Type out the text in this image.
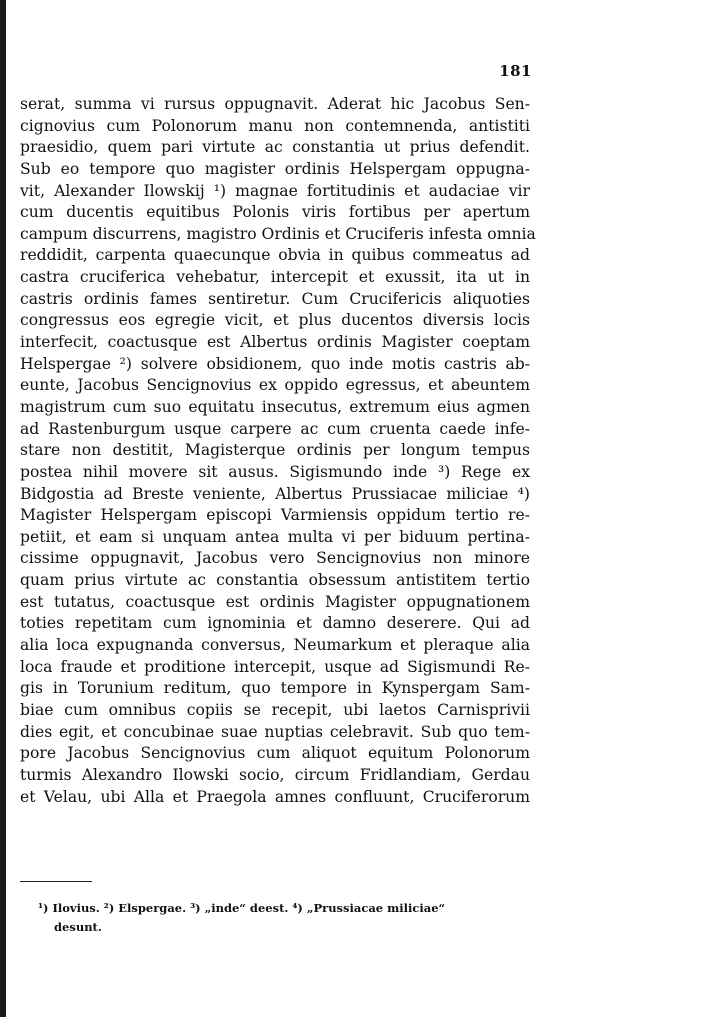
181
serat, summa vi rursus oppugnavit. Aderat hic Jacobus Sen-
cignovius cum Polonorum manu non contemnenda, antistiti
praesidio, quem pari virtute ac constantia ut prius defendit.
Sub eo tempore quo magister ordinis Helspergam oppugna-
vit, Alexander Ilowskij ¹) magnae fortitudinis et audaciae vir
cum ducentis equitibus Polonis viris fortibus per apertum
campum discurrens, magistro Ordinis et Cruciferis infesta omnia
reddidit, carpenta quaecunque obvia in quibus commeatus ad
castra cruciferica vehebatur, intercepit et exussit, ita ut in
castris ordinis fames sentiretur. Cum Crucifericis aliquoties
congressus eos egregie vicit, et plus ducentos diversis locis
interfecit, coactusque est Albertus ordinis Magister coeptam
Helspergae ²) solvere obsidionem, quo inde motis castris ab-
eunte, Jacobus Sencignovius ex oppido egressus, et abeuntem
magistrum cum suo equitatu insecutus, extremum eius agmen
ad Rastenburgum usque carpere ac cum cruenta caede infe-
stare non destitit, Magisterque ordinis per longum tempus
postea nihil movere sit ausus. Sigismundo inde ³) Rege ex
Bidgostia ad Breste veniente, Albertus Prussiacae miliciae ⁴)
Magister Helspergam episcopi Varmiensis oppidum tertio re-
petiit, et eam si unquam antea multa vi per biduum pertina-
cissime oppugnavit, Jacobus vero Sencignovius non minore
quam prius virtute ac constantia obsessum antistitem tertio
est tutatus, coactusque est ordinis Magister oppugnationem
toties repetitam cum ignominia et damno deserere. Qui ad
alia loca expugnanda conversus, Neumarkum et pleraque alia
loca fraude et proditione intercepit, usque ad Sigismundi Re-
gis in Torunium reditum, quo tempore in Kynspergam Sam-
biae cum omnibus copiis se recepit, ubi laetos Carnisprivii
dies egit, et concubinae suae nuptias celebravit. Sub quo tem-
pore Jacobus Sencignovius cum aliquot equitum Polonorum
turmis Alexandro Ilowski socio, circum Fridlandiam, Gerdau
et Velau, ubi Alla et Praegola amnes confluunt, Cruciferorum
¹) Ilovius. ²) Elspergae. ³) „inde“ deest. ⁴) „Prussiacae miliciae“
desunt.
